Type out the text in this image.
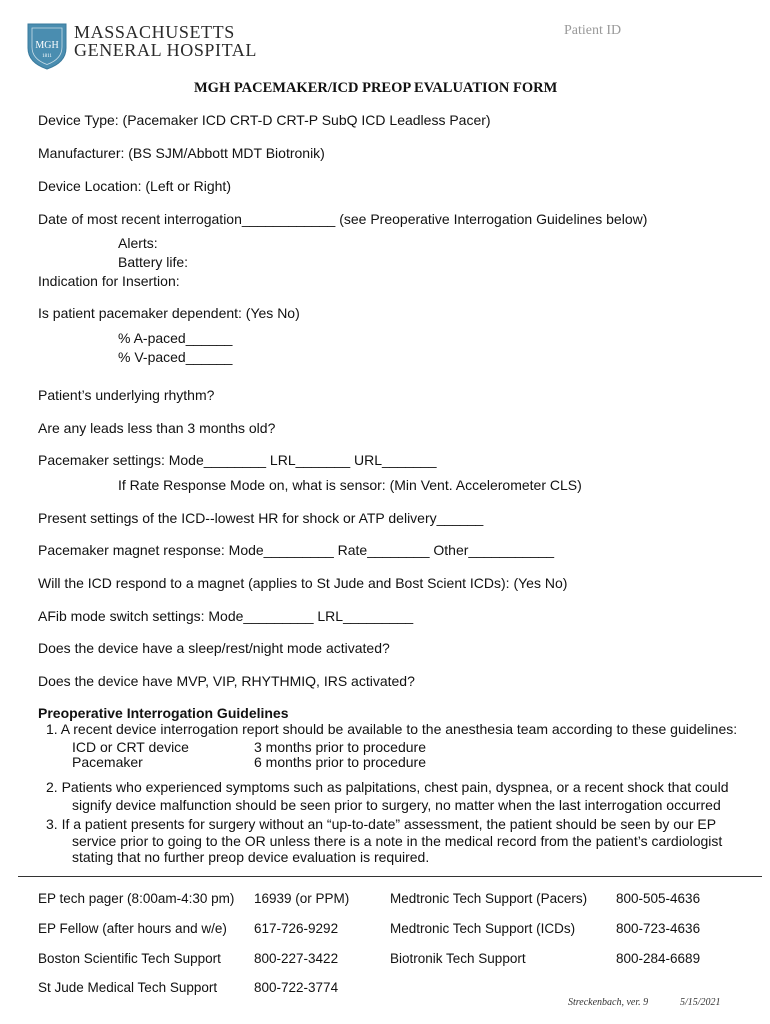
MGH
1811
MASSACHUSETTS
GENERAL HOSPITAL
Patient ID
MGH PACEMAKER/ICD PREOP EVALUATION FORM
Device Type: (Pacemaker ICD CRT-D CRT-P SubQ ICD Leadless Pacer)
Manufacturer: (BS SJM/Abbott MDT Biotronik)
Device Location: (Left or Right)
Date of most recent interrogation____________ (see Preoperative Interrogation Guidelines below)
Alerts:
Battery life:
Indication for Insertion:
Is patient pacemaker dependent: (Yes No)
% A-paced______
% V-paced______
Patient’s underlying rhythm?
Are any leads less than 3 months old?
Pacemaker settings: Mode________ LRL_______ URL_______
If Rate Response Mode on, what is sensor: (Min Vent. Accelerometer CLS)
Present settings of the ICD--lowest HR for shock or ATP delivery______
Pacemaker magnet response: Mode_________ Rate________ Other___________
Will the ICD respond to a magnet (applies to St Jude and Bost Scient ICDs): (Yes No)
AFib mode switch settings: Mode_________ LRL_________
Does the device have a sleep/rest/night mode activated?
Does the device have MVP, VIP, RHYTHMIQ, IRS activated?
Preoperative Interrogation Guidelines
1. A recent device interrogation report should be available to the anesthesia team according to these guidelines:
ICD or CRT device	3 months prior to procedure
Pacemaker	6 months prior to procedure
2. Patients who experienced symptoms such as palpitations, chest pain, dyspnea, or a recent shock that could
signify device malfunction should be seen prior to surgery, no matter when the last interrogation occurred
3. If a patient presents for surgery without an “up-to-date” assessment, the patient should be seen by our EP
service prior to going to the OR unless there is a note in the medical record from the patient’s cardiologist
stating that no further preop device evaluation is required.
EP tech pager (8:00am-4:30 pm) 16939 (or PPM)	Medtronic Tech Support (Pacers) 800-505-4636
EP Fellow (after hours and w/e) 617-726-9292	Medtronic Tech Support (ICDs)	800-723-4636
Boston Scientific Tech Support 800-227-3422	Biotronik Tech Support	800-284-6689
St Jude Medical Tech Support	800-722-3774
Streckenbach, ver. 9	5/15/2021
